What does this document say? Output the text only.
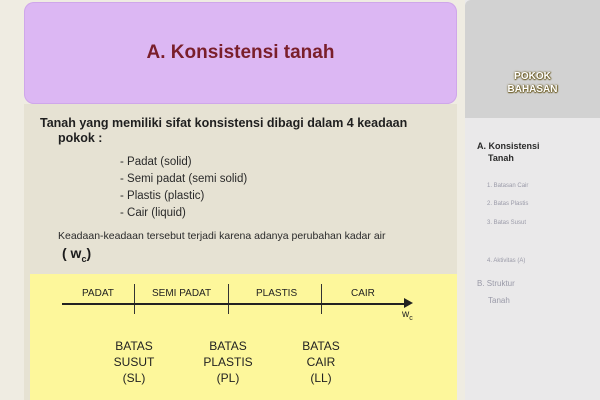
A. Konsistensi tanah
Tanah yang memiliki sifat konsistensi dibagi dalam 4 keadaan
pokok :
- Padat (solid)
- Semi padat (semi solid)
- Plastis (plastic)
- Cair (liquid)
Keadaan-keadaan tersebut terjadi karena adanya perubahan kadar air
( $w_c$)
PADAT	SEMI PADAT	PLASTIS	CAIR
$w_c$
BATAS
SUSUT
(SL)
BATAS
PLASTIS
(PL)
BATAS
CAIR
(LL)
POKOK
BAHASAN
A. Konsistensi
Tanah
1. Batasan Cair
2. Batas Plastis
3. Batas Susut
4. Aktivitas (A)
B. Struktur
Tanah
